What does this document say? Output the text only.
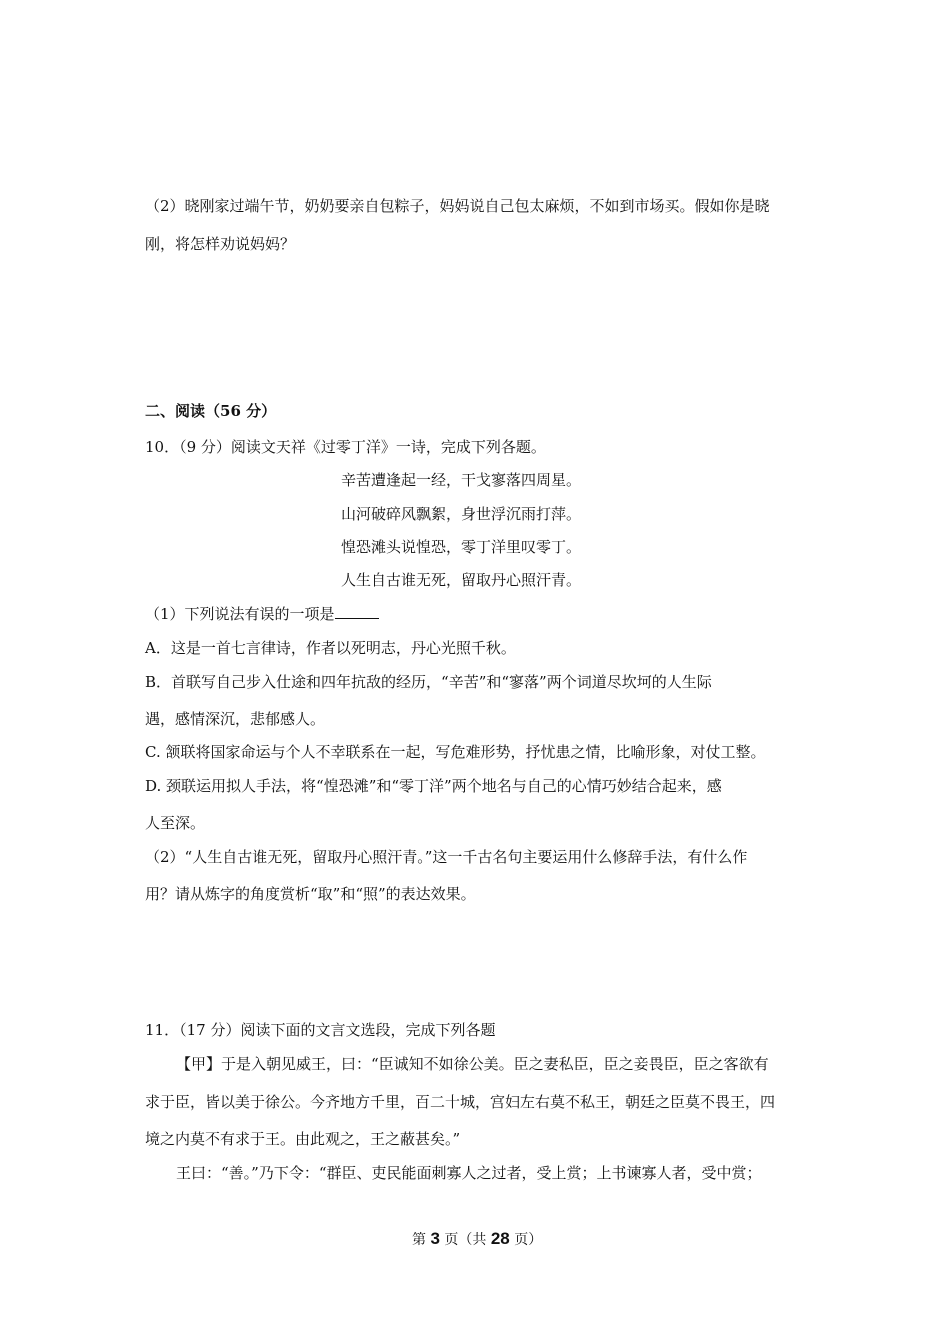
（2）晓刚家过端午节，奶奶要亲自包粽子，妈妈说自己包太麻烦，不如到市场买。假如你是晓
刚，将怎样劝说妈妈？
二、阅读（56 分）
10．（9 分）阅读文天祥《过零丁洋》一诗，完成下列各题。
辛苦遭逢起一经，干戈寥落四周星。
山河破碎风飘絮，身世浮沉雨打萍。
惶恐滩头说惶恐，零丁洋里叹零丁。
人生自古谁无死，留取丹心照汗青。
（1）下列说法有误的一项是
A．这是一首七言律诗，作者以死明志，丹心光照千秋。
B．首联写自己步入仕途和四年抗敌的经历，“辛苦”和“寥落”两个词道尽坎坷的人生际
遇，感情深沉，悲郁感人。
C. 颔联将国家命运与个人不幸联系在一起，写危难形势，抒忧患之情，比喻形象，对仗工整。
D. 颈联运用拟人手法，将“惶恐滩”和“零丁洋”两个地名与自己的心情巧妙结合起来，感
人至深。
（2）“人生自古谁无死，留取丹心照汗青。”这一千古名句主要运用什么修辞手法，有什么作
用？请从炼字的角度赏析“取”和“照”的表达效果。
11．（17 分）阅读下面的文言文选段，完成下列各题
【甲】于是入朝见威王，曰：“臣诚知不如徐公美。臣之妻私臣，臣之妾畏臣，臣之客欲有
求于臣，皆以美于徐公。今齐地方千里，百二十城，宫妇左右莫不私王，朝廷之臣莫不畏王，四
境之内莫不有求于王。由此观之，王之蔽甚矣。”
王曰：“善。”乃下令：“群臣、吏民能面刺寡人之过者，受上赏；上书谏寡人者，受中赏；
第 3 页（共 28 页）
